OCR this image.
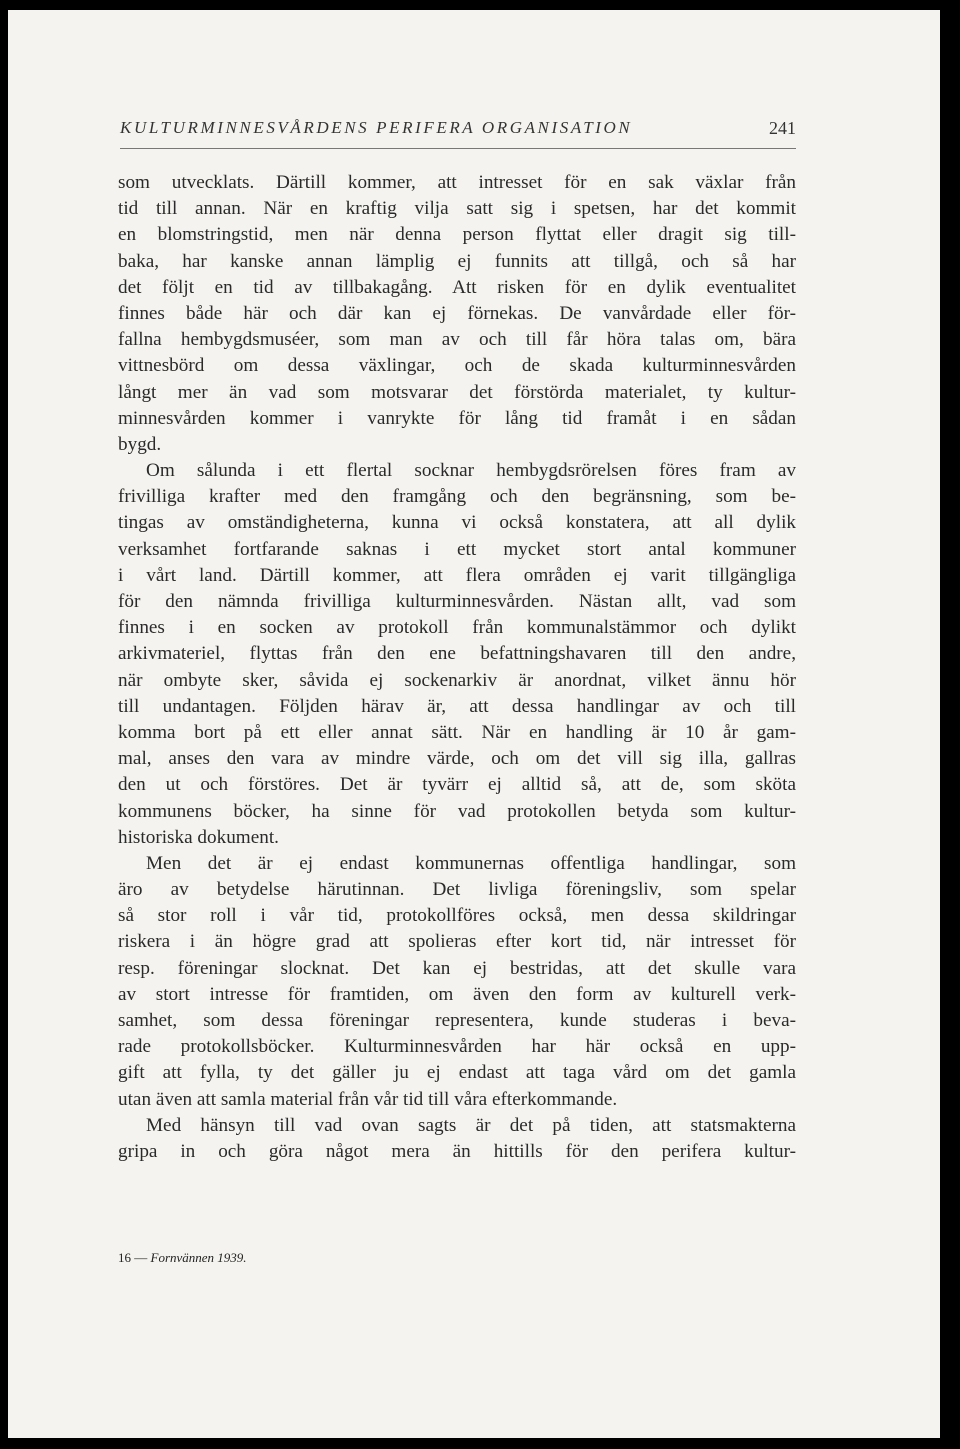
KULTURMINNESVÅRDENS PERIFERA ORGANISATION	241
som utvecklats. Därtill kommer, att intresset för en sak växlar från
tid till annan. När en kraftig vilja satt sig i spetsen, har det kommit
en blomstringstid, men när denna person flyttat eller dragit sig till-
baka, har kanske annan lämplig ej funnits att tillgå, och så har
det följt en tid av tillbakagång. Att risken för en dylik eventualitet
finnes både här och där kan ej förnekas. De vanvårdade eller för-
fallna hembygdsmuséer, som man av och till får höra talas om, bära
vittnesbörd om dessa växlingar, och de skada kulturminnesvården
långt mer än vad som motsvarar det förstörda materialet, ty kultur-
minnesvården kommer i vanrykte för lång tid framåt i en sådan
bygd.
Om sålunda i ett flertal socknar hembygdsrörelsen föres fram av
frivilliga krafter med den framgång och den begränsning, som be-
tingas av omständigheterna, kunna vi också konstatera, att all dylik
verksamhet fortfarande saknas i ett mycket stort antal kommuner
i vårt land. Därtill kommer, att flera områden ej varit tillgängliga
för den nämnda frivilliga kulturminnesvården. Nästan allt, vad som
finnes i en socken av protokoll från kommunalstämmor och dylikt
arkivmateriel, flyttas från den ene befattningshavaren till den andre,
när ombyte sker, såvida ej sockenarkiv är anordnat, vilket ännu hör
till undantagen. Följden härav är, att dessa handlingar av och till
komma bort på ett eller annat sätt. När en handling är 10 år gam-
mal, anses den vara av mindre värde, och om det vill sig illa, gallras
den ut och förstöres. Det är tyvärr ej alltid så, att de, som sköta
kommunens böcker, ha sinne för vad protokollen betyda som kultur-
historiska dokument.
Men det är ej endast kommunernas offentliga handlingar, som
äro av betydelse härutinnan. Det livliga föreningsliv, som spelar
så stor roll i vår tid, protokollföres också, men dessa skildringar
riskera i än högre grad att spolieras efter kort tid, när intresset för
resp. föreningar slocknat. Det kan ej bestridas, att det skulle vara
av stort intresse för framtiden, om även den form av kulturell verk-
samhet, som dessa föreningar representera, kunde studeras i beva-
rade protokollsböcker. Kulturminnesvården har här också en upp-
gift att fylla, ty det gäller ju ej endast att taga vård om det gamla
utan även att samla material från vår tid till våra efterkommande.
Med hänsyn till vad ovan sagts är det på tiden, att statsmakterna
gripa in och göra något mera än hittills för den perifera kultur-
16 — Fornvännen 1939.
